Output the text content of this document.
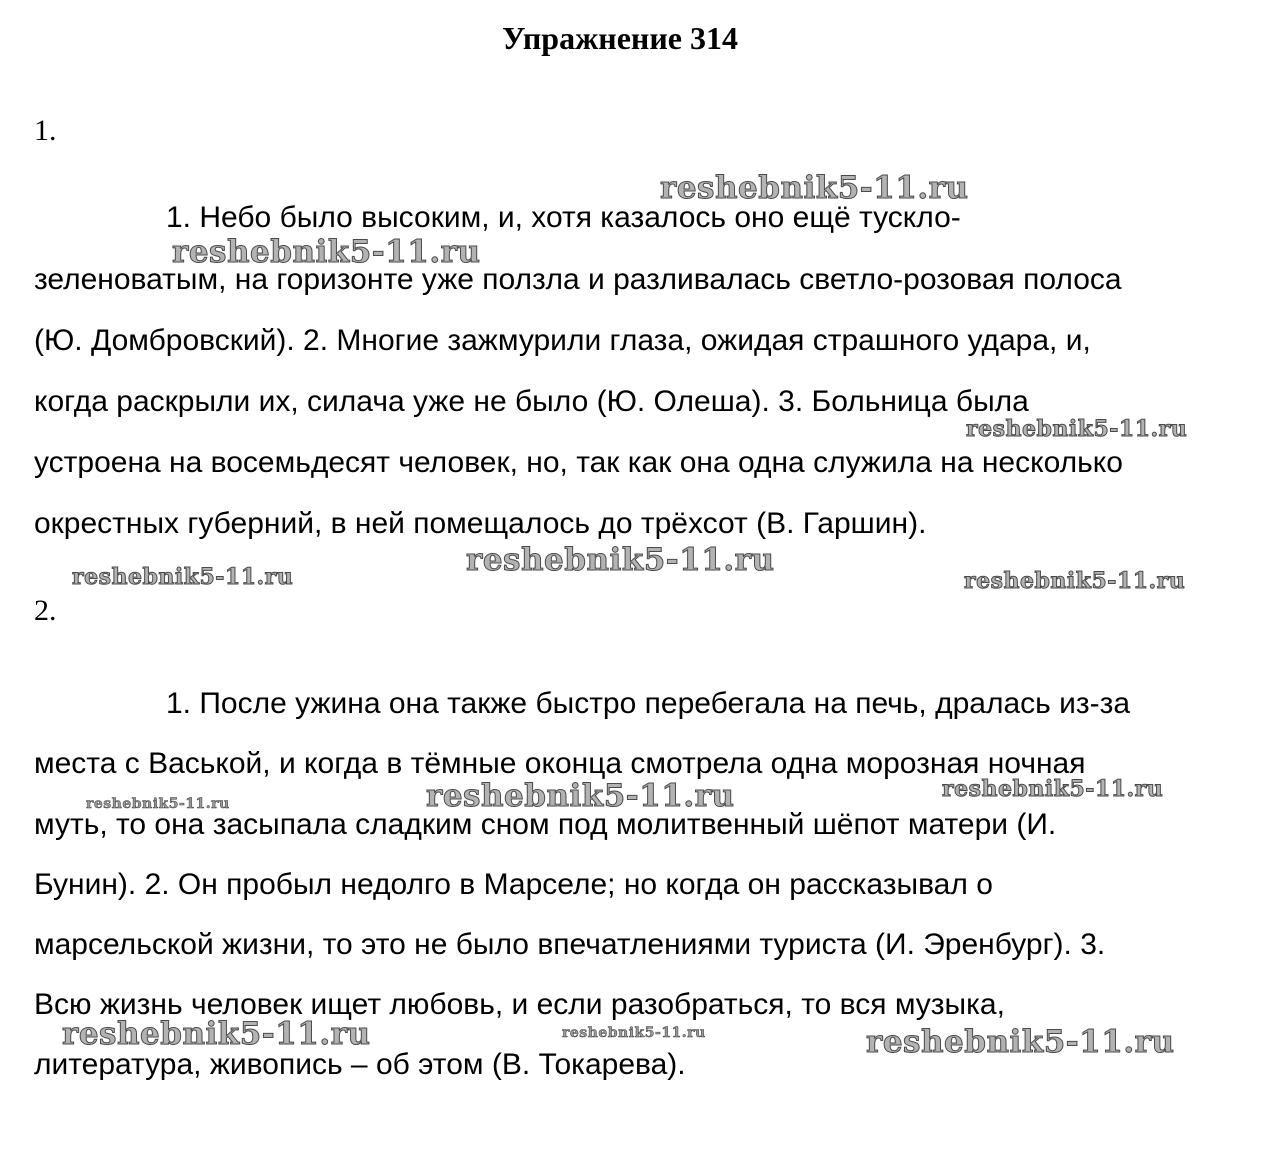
Упражнение 314
1.
1. Небо было высоким, и, хотя казалось оно ещё тускло-
зеленоватым, на горизонте уже ползла и разливалась светло-розовая полоса
(Ю. Домбровский). 2. Многие зажмурили глаза, ожидая страшного удара, и,
когда раскрыли их, силача уже не было (Ю. Олеша). 3. Больница была
устроена на восемьдесят человек, но, так как она одна служила на несколько
окрестных губерний, в ней помещалось до трёхсот (В. Гаршин).
2.
1. После ужина она также быстро перебегала на печь, дралась из-за
места с Васькой, и когда в тёмные оконца смотрела одна морозная ночная
муть, то она засыпала сладким сном под молитвенный шёпот матери (И.
Бунин). 2. Он пробыл недолго в Марселе; но когда он рассказывал о
марсельской жизни, то это не было впечатлениями туриста (И. Эренбург). 3.
Всю жизнь человек ищет любовь, и если разобраться, то вся музыка,
литература, живопись – об этом (В. Токарева).
reshebnik5-11.ru
reshebnik5-11.ru
reshebnik5-11.ru
reshebnik5-11.ru
reshebnik5-11.ru	reshebnik5-11.ru
reshebnik5-11.ru	reshebnik5-11.ru	reshebnik5-11.ru
reshebnik5-11.ru	reshebnik5-11.ru	reshebnik5-11.ru
